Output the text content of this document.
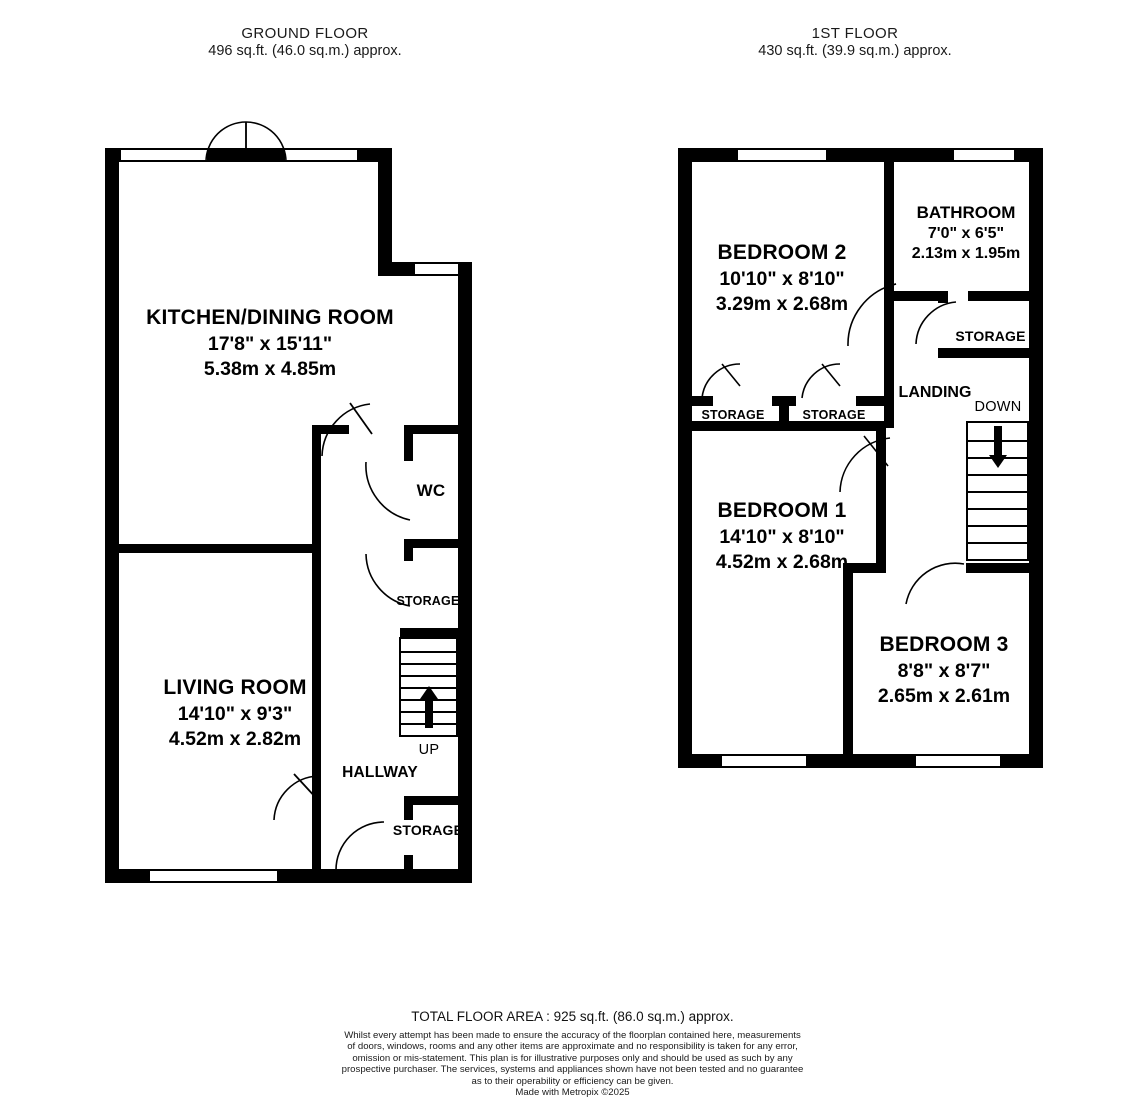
GROUND FLOOR
496 sq.ft. (46.0 sq.m.) approx.
1ST FLOOR
430 sq.ft. (39.9 sq.m.) approx.
UP
KITCHEN/DINING ROOM
17'8" x 15'11"
5.38m x 4.85m
LIVING ROOM
14'10" x 9'3"
4.52m x 2.82m
WC
STORAGE
STORAGE
HALLWAY
DOWN
BEDROOM 2
10'10" x 8'10"
3.29m x 2.68m
BATHROOM
7'0" x 6'5"
2.13m x 1.95m
BEDROOM 1
14'10" x 8'10"
4.52m x 2.68m
BEDROOM 3
8'8" x 8'7"
2.65m x 2.61m
STORAGE
STORAGE	STORAGE
LANDING
TOTAL FLOOR AREA : 925 sq.ft. (86.0 sq.m.) approx.
Whilst every attempt has been made to ensure the accuracy of the floorplan contained here, measurements
of doors, windows, rooms and any other items are approximate and no responsibility is taken for any error,
omission or mis-statement. This plan is for illustrative purposes only and should be used as such by any
prospective purchaser. The services, systems and appliances shown have not been tested and no guarantee
as to their operability or efficiency can be given.
Made with Metropix ©2025
